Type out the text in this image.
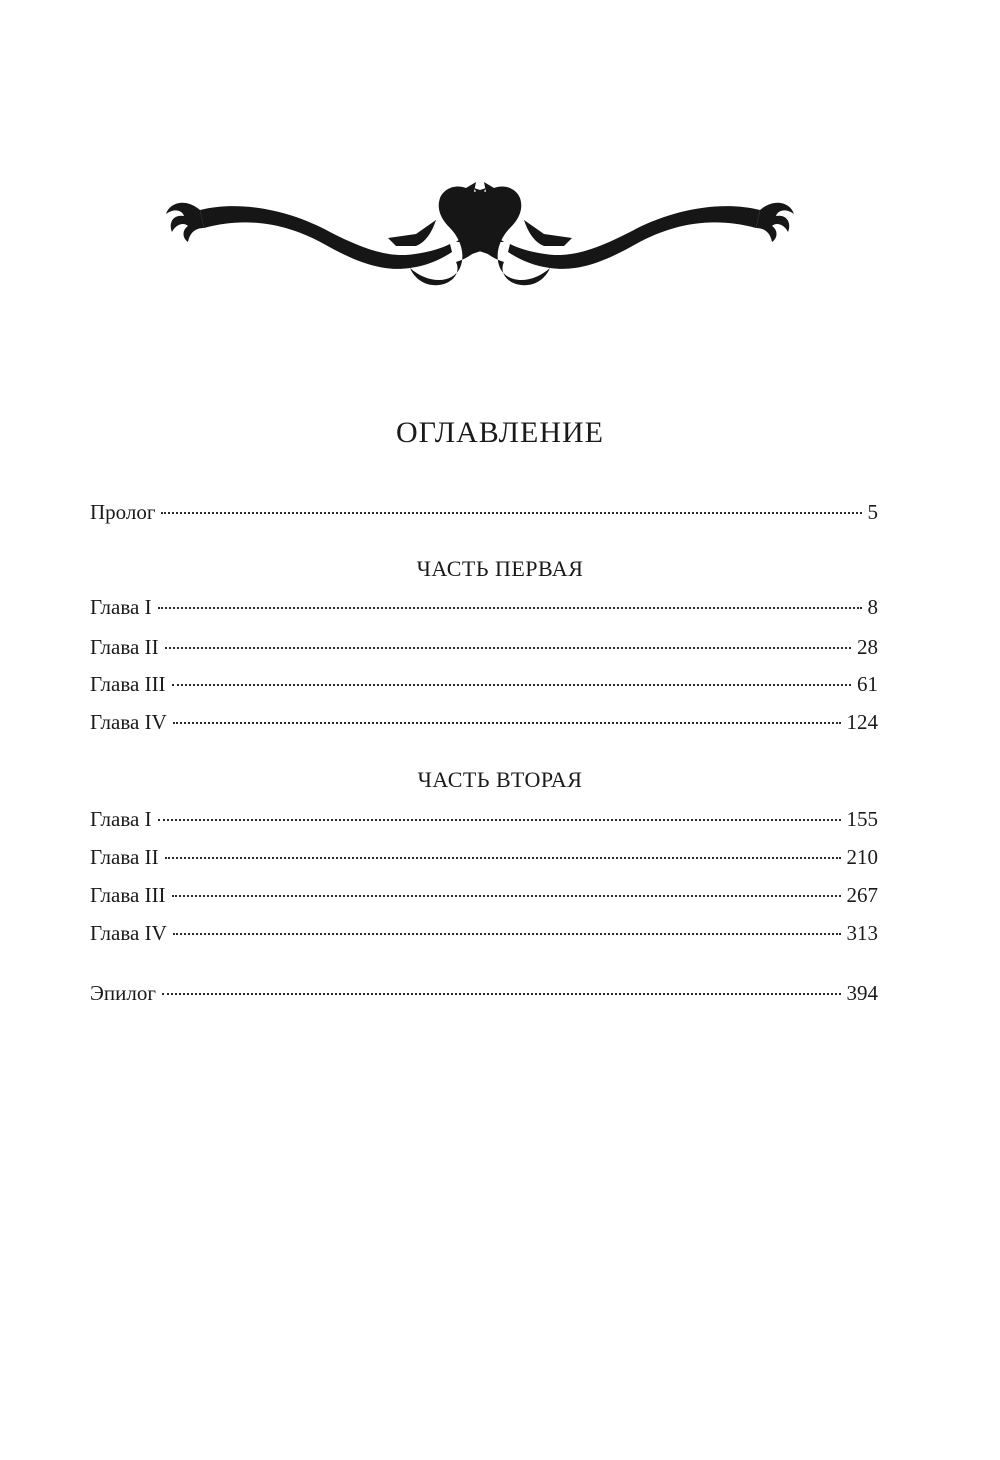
ОГЛАВЛЕНИЕ
Пролог	5
ЧАСТЬ ПЕРВАЯ
Глава I	8
Глава II	28
Глава III	61
Глава IV	124
ЧАСТЬ ВТОРАЯ
Глава I	155
Глава II	210
Глава III	267
Глава IV	313
Эпилог	394
